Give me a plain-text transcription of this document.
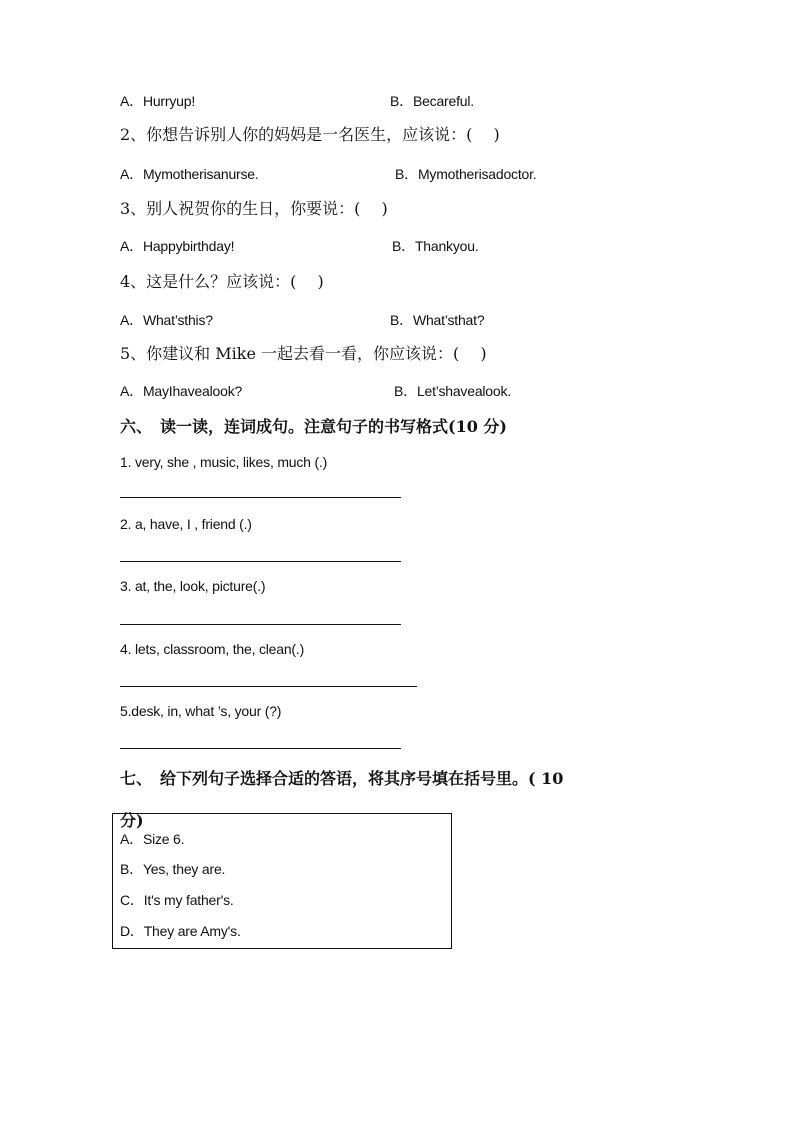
A．Hurryup!	B．Becareful.
2、你想告诉别人你的妈妈是一名医生，应该说：(　 )
A．Mymotherisanurse.	B．Mymotherisadoctor.
3、别人祝贺你的生日，你要说：(　 )
A．Happybirthday!	B．Thankyou.
4、这是什么？应该说：(　 )
A．What’sthis?	B．What’sthat?
5、你建议和 Mike 一起去看一看，你应该说：(　 )
A．MayIhavealook?	B．Let’shavealook.
六、　读一读，连词成句。注意句子的书写格式(10 分)
1. very, she , music, likes, much (.)
2. a, have, I , friend (.)
3. at, the, look, picture(.)
4. lets, classroom, the, clean(.)
5.desk, in, what ’s, your (?)
七、　给下列句子选择合适的答语，将其序号填在括号里。( 10
分)
A．Size 6.
B．Yes, they are.
C．It's my father's.
D．They are Amy's.
